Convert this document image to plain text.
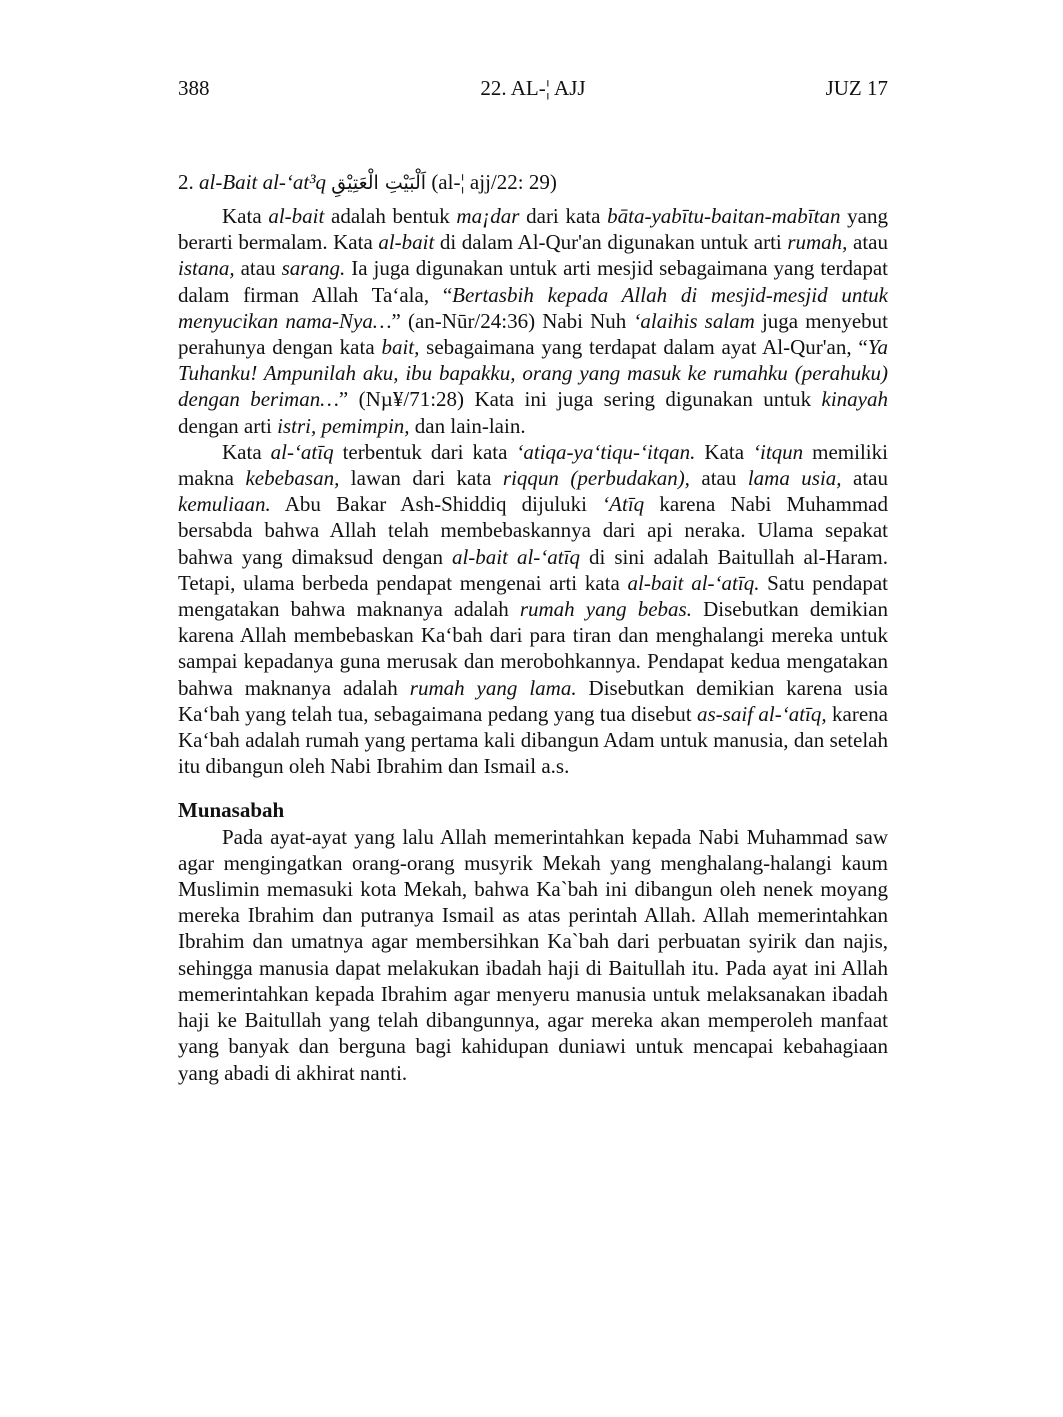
388	22. AL-¦ AJJ	JUZ 17
2. al-Bait al-‘at³q اَلْبَيْتِ الْعَتِيْقِ (al-¦ ajj/22: 29)

Kata al-bait adalah bentuk ma¡dar dari kata bāta-yabītu-baitan-mabītan yang berarti bermalam. Kata al-bait di dalam Al-Qur'an digunakan untuk arti rumah, atau istana, atau sarang. Ia juga digunakan untuk arti mesjid sebagaimana yang terdapat dalam firman Allah Ta‘ala, “Bertasbih kepada Allah di mesjid-mesjid untuk menyucikan nama-Nya…” (an-Nūr/24:36) Nabi Nuh ‘alaihis salam juga menyebut perahunya dengan kata bait, sebagaimana yang terdapat dalam ayat Al-Qur'an, “Ya Tuhanku! Ampunilah aku, ibu bapakku, orang yang masuk ke rumahku (perahuku) dengan beriman…” (Nµ¥/71:28) Kata ini juga sering digunakan untuk kinayah dengan arti istri, pemimpin, dan lain-lain.

Kata al-‘atīq terbentuk dari kata ‘atiqa-ya‘tiqu-‘itqan. Kata ‘itqun memiliki makna kebebasan, lawan dari kata riqqun (perbudakan), atau lama usia, atau kemuliaan. Abu Bakar Ash-Shiddiq dijuluki ‘Atīq karena Nabi Muhammad bersabda bahwa Allah telah membebaskannya dari api neraka. Ulama sepakat bahwa yang dimaksud dengan al-bait al-‘atīq di sini adalah Baitullah al-Haram. Tetapi, ulama berbeda pendapat mengenai arti kata al-bait al-‘atīq. Satu pendapat mengatakan bahwa maknanya adalah rumah yang bebas. Disebutkan demikian karena Allah membebaskan Ka‘bah dari para tiran dan menghalangi mereka untuk sampai kepadanya guna merusak dan merobohkannya. Pendapat kedua mengatakan bahwa maknanya adalah rumah yang lama. Disebutkan demikian karena usia Ka‘bah yang telah tua, sebagaimana pedang yang tua disebut as-saif al-‘atīq, karena Ka‘bah adalah rumah yang pertama kali dibangun Adam untuk manusia, dan setelah itu dibangun oleh Nabi Ibrahim dan Ismail a.s.

Munasabah

Pada ayat-ayat yang lalu Allah memerintahkan kepada Nabi Muhammad saw agar mengingatkan orang-orang musyrik Mekah yang menghalang-halangi kaum Muslimin memasuki kota Mekah, bahwa Ka`bah ini dibangun oleh nenek moyang mereka Ibrahim dan putranya Ismail as atas perintah Allah. Allah memerintahkan Ibrahim dan umatnya agar membersihkan Ka`bah dari perbuatan syirik dan najis, sehingga manusia dapat melakukan ibadah haji di Baitullah itu. Pada ayat ini Allah memerintahkan kepada Ibrahim agar menyeru manusia untuk melaksanakan ibadah haji ke Baitullah yang telah dibangunnya, agar mereka akan memperoleh manfaat yang banyak dan berguna bagi kahidupan duniawi untuk mencapai kebahagiaan yang abadi di akhirat nanti.
